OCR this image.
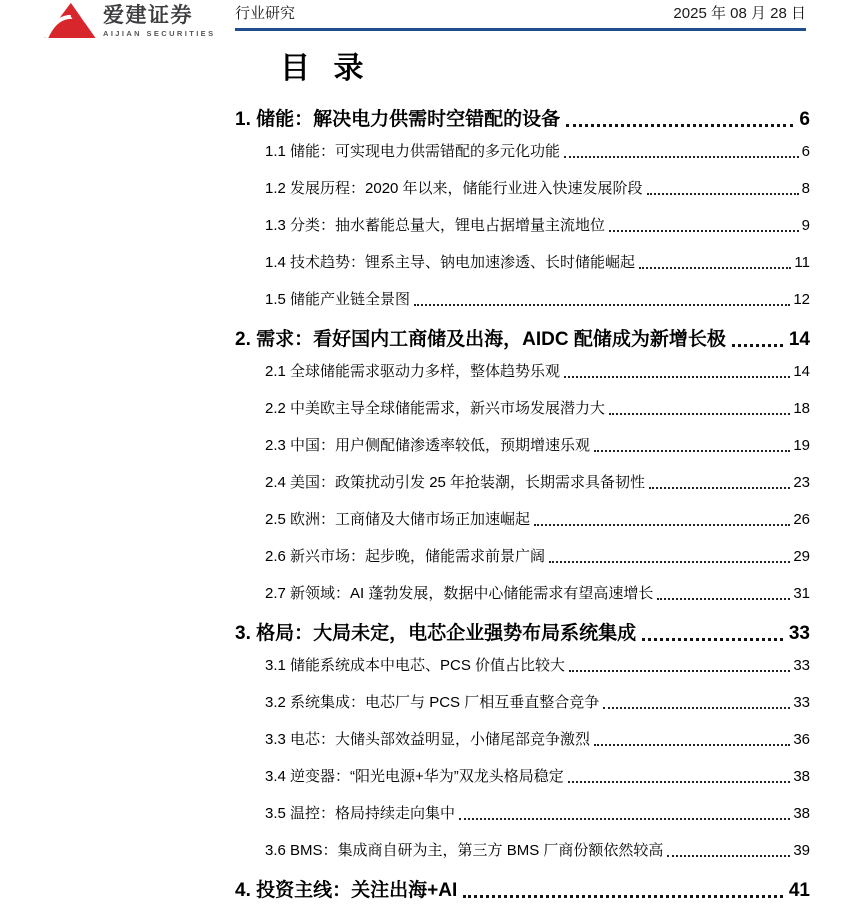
爱建证券
AIJIAN SECURITIES
行业研究	2025 年 08 月 28 日
目 录
1. 储能：解决电力供需时空错配的设备	6
1.1 储能：可实现电力供需错配的多元化功能	6
1.2 发展历程：2020 年以来，储能行业进入快速发展阶段	8
1.3 分类：抽水蓄能总量大，锂电占据增量主流地位	9
1.4 技术趋势：锂系主导、钠电加速渗透、长时储能崛起	11
1.5 储能产业链全景图	12
2. 需求：看好国内工商储及出海，AIDC 配储成为新增长极	14
2.1 全球储能需求驱动力多样，整体趋势乐观	14
2.2 中美欧主导全球储能需求，新兴市场发展潜力大	18
2.3 中国：用户侧配储渗透率较低，预期增速乐观	19
2.4 美国：政策扰动引发 25 年抢装潮，长期需求具备韧性	23
2.5 欧洲：工商储及大储市场正加速崛起	26
2.6 新兴市场：起步晚，储能需求前景广阔	29
2.7 新领域：AI 蓬勃发展，数据中心储能需求有望高速增长	31
3. 格局：大局未定，电芯企业强势布局系统集成	33
3.1 储能系统成本中电芯、PCS 价值占比较大	33
3.2 系统集成：电芯厂与 PCS 厂相互垂直整合竞争	33
3.3 电芯：大储头部效益明显，小储尾部竞争激烈	36
3.4 逆变器：“阳光电源+华为”双龙头格局稳定	38
3.5 温控：格局持续走向集中	38
3.6 BMS：集成商自研为主，第三方 BMS 厂商份额依然较高	39
4. 投资主线：关注出海+AI	41
